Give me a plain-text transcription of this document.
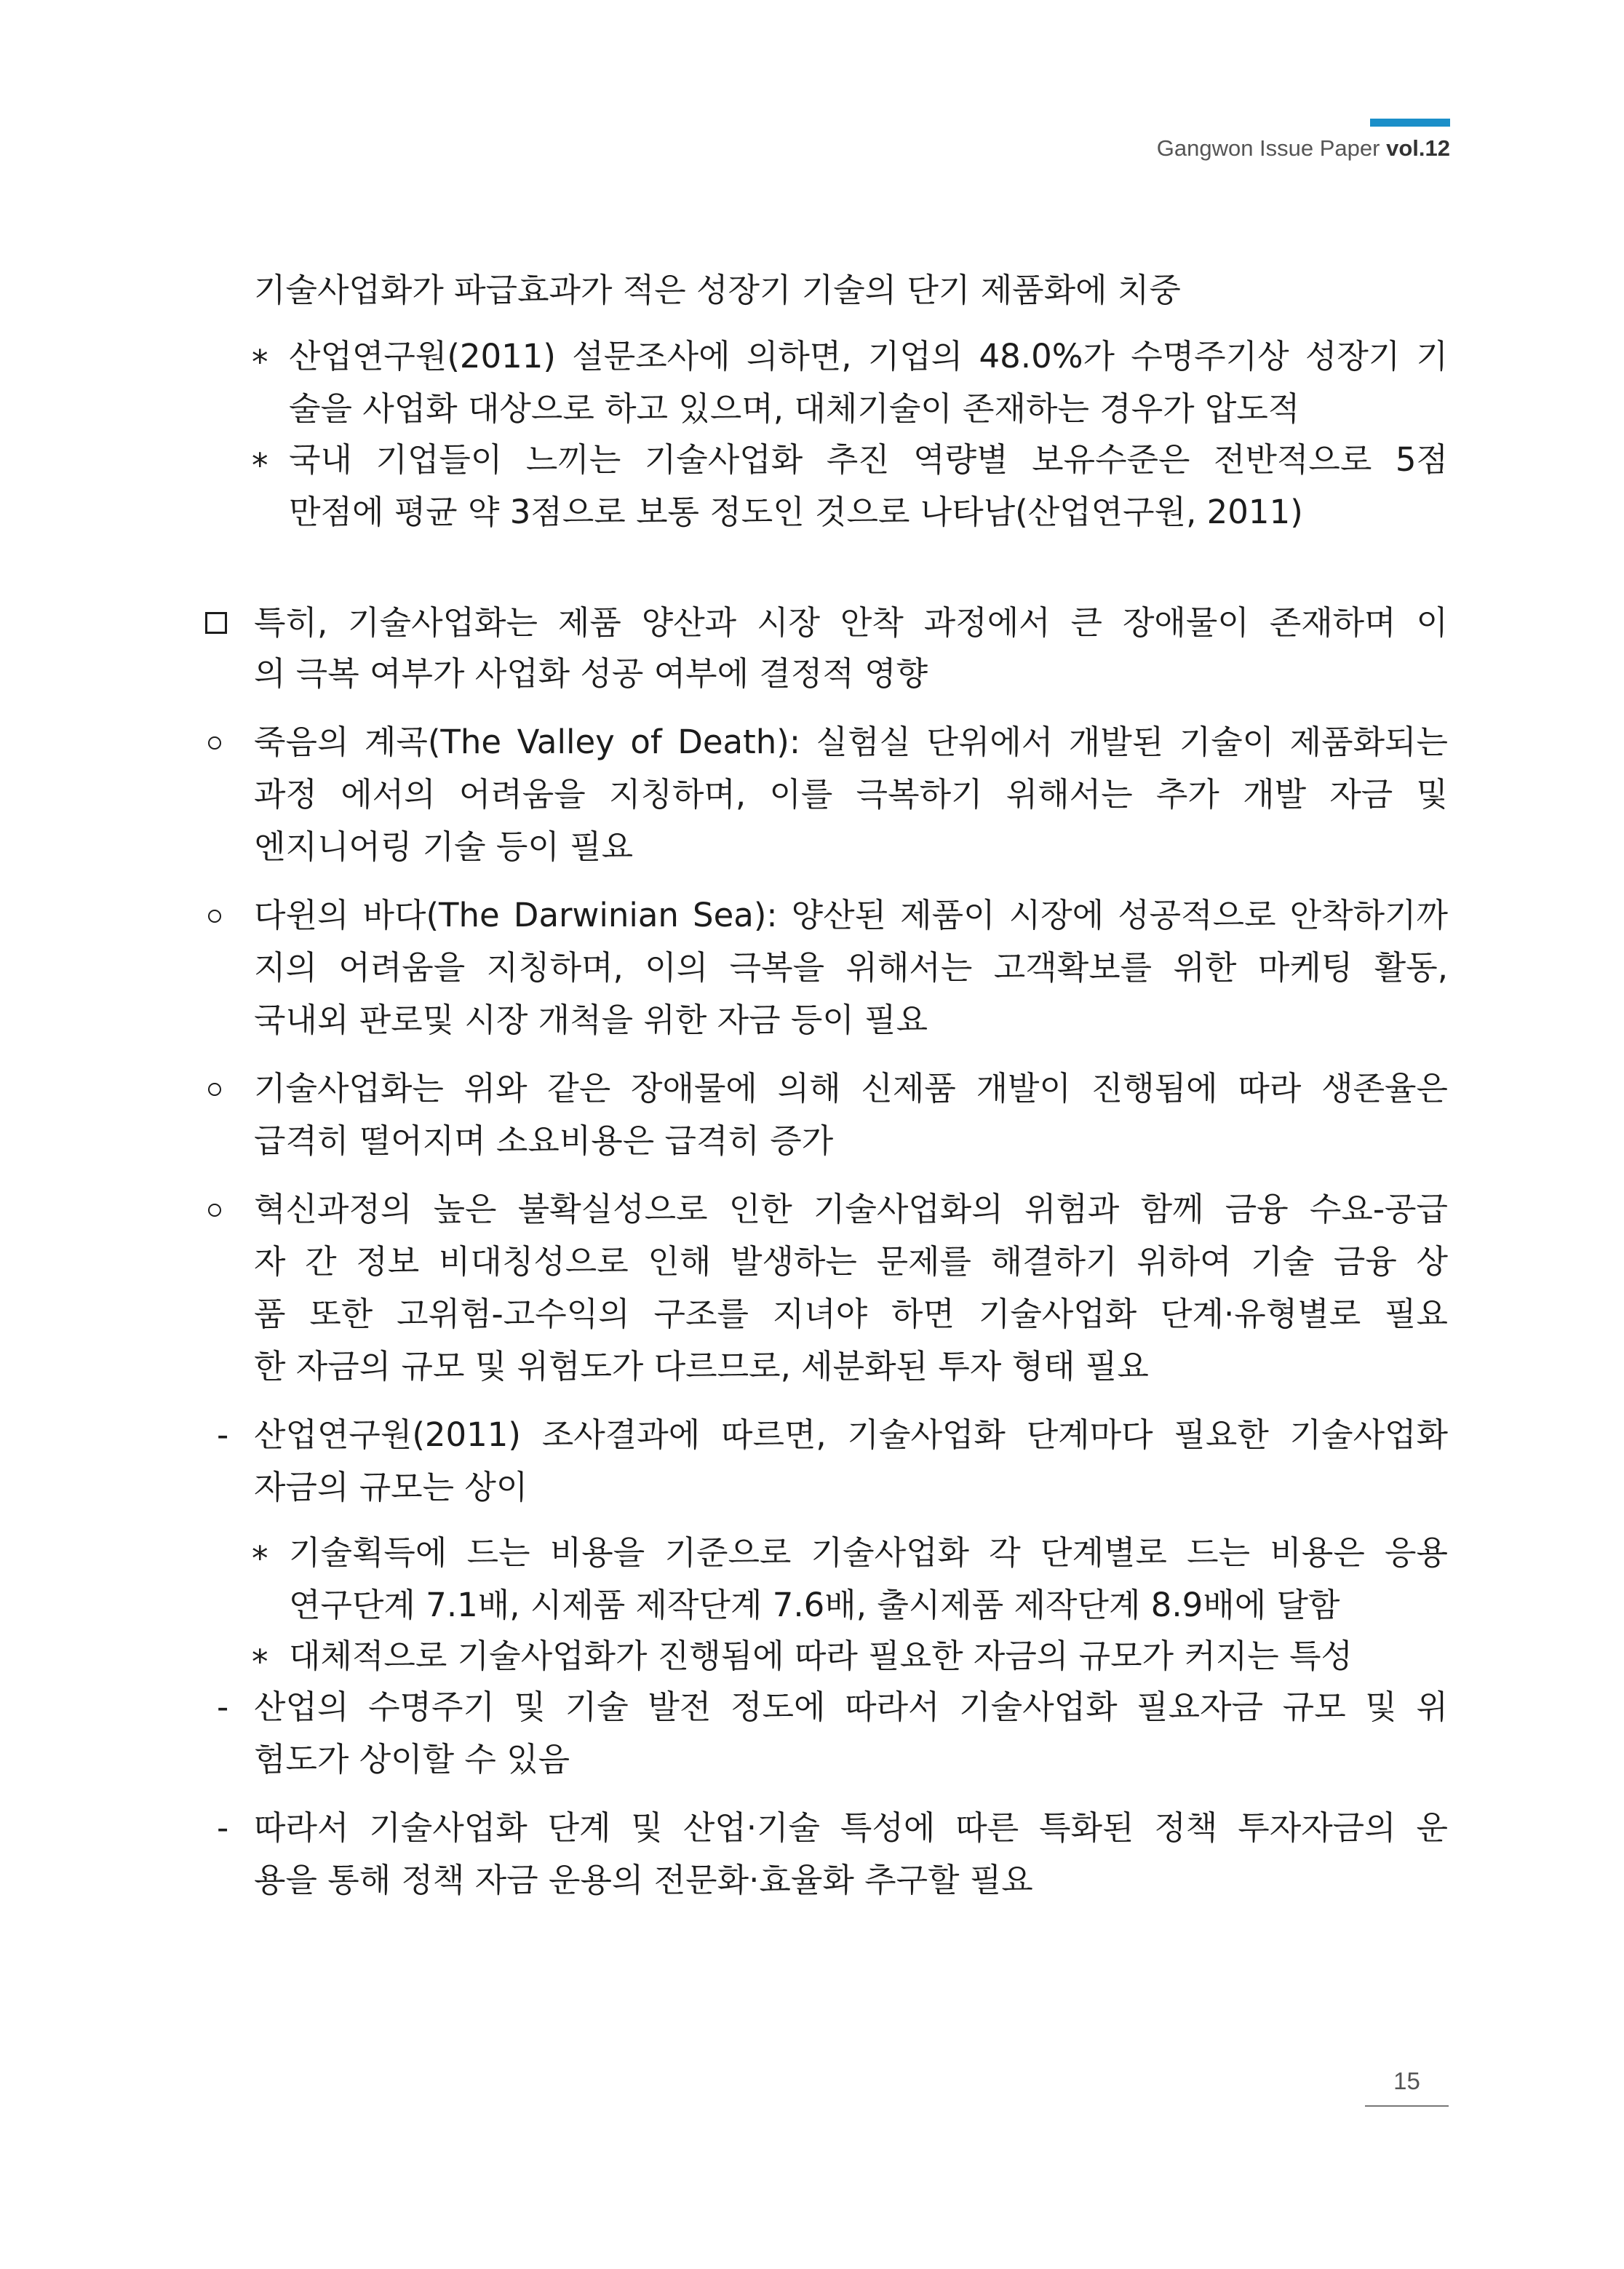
Gangwon Issue Paper vol.12
기술사업화가 파급효과가 적은 성장기 기술의 단기 제품화에 치중
* 산업연구원(2011) 설문조사에 의하면, 기업의 48.0%가 수명주기상 성장기 기
술을 사업화 대상으로 하고 있으며, 대체기술이 존재하는 경우가 압도적
* 국내 기업들이 느끼는 기술사업화 추진 역량별 보유수준은 전반적으로 5점
만점에 평균 약 3점으로 보통 정도인 것으로 나타남(산업연구원, 2011)
특히, 기술사업화는 제품 양산과 시장 안착 과정에서 큰 장애물이 존재하며 이
의 극복 여부가 사업화 성공 여부에 결정적 영향
죽음의 계곡(The Valley of Death): 실험실 단위에서 개발된 기술이 제품화되는
과정 에서의 어려움을 지칭하며, 이를 극복하기 위해서는 추가 개발 자금 및
엔지니어링 기술 등이 필요
다윈의 바다(The Darwinian Sea): 양산된 제품이 시장에 성공적으로 안착하기까
지의 어려움을 지칭하며, 이의 극복을 위해서는 고객확보를 위한 마케팅 활동,
국내외 판로및 시장 개척을 위한 자금 등이 필요
기술사업화는 위와 같은 장애물에 의해 신제품 개발이 진행됨에 따라 생존율은
급격히 떨어지며 소요비용은 급격히 증가
혁신과정의 높은 불확실성으로 인한 기술사업화의 위험과 함께 금융 수요-공급
자 간 정보 비대칭성으로 인해 발생하는 문제를 해결하기 위하여 기술 금융 상
품 또한 고위험-고수익의 구조를 지녀야 하면 기술사업화 단계·유형별로 필요
한 자금의 규모 및 위험도가 다르므로, 세분화된 투자 형태 필요
- 산업연구원(2011) 조사결과에 따르면, 기술사업화 단계마다 필요한 기술사업화
자금의 규모는 상이
* 기술획득에 드는 비용을 기준으로 기술사업화 각 단계별로 드는 비용은 응용
연구단계 7.1배, 시제품 제작단계 7.6배, 출시제품 제작단계 8.9배에 달함
* 대체적으로 기술사업화가 진행됨에 따라 필요한 자금의 규모가 커지는 특성
- 산업의 수명주기 및 기술 발전 정도에 따라서 기술사업화 필요자금 규모 및 위
험도가 상이할 수 있음
- 따라서 기술사업화 단계 및 산업·기술 특성에 따른 특화된 정책 투자자금의 운
용을 통해 정책 자금 운용의 전문화·효율화 추구할 필요
15
